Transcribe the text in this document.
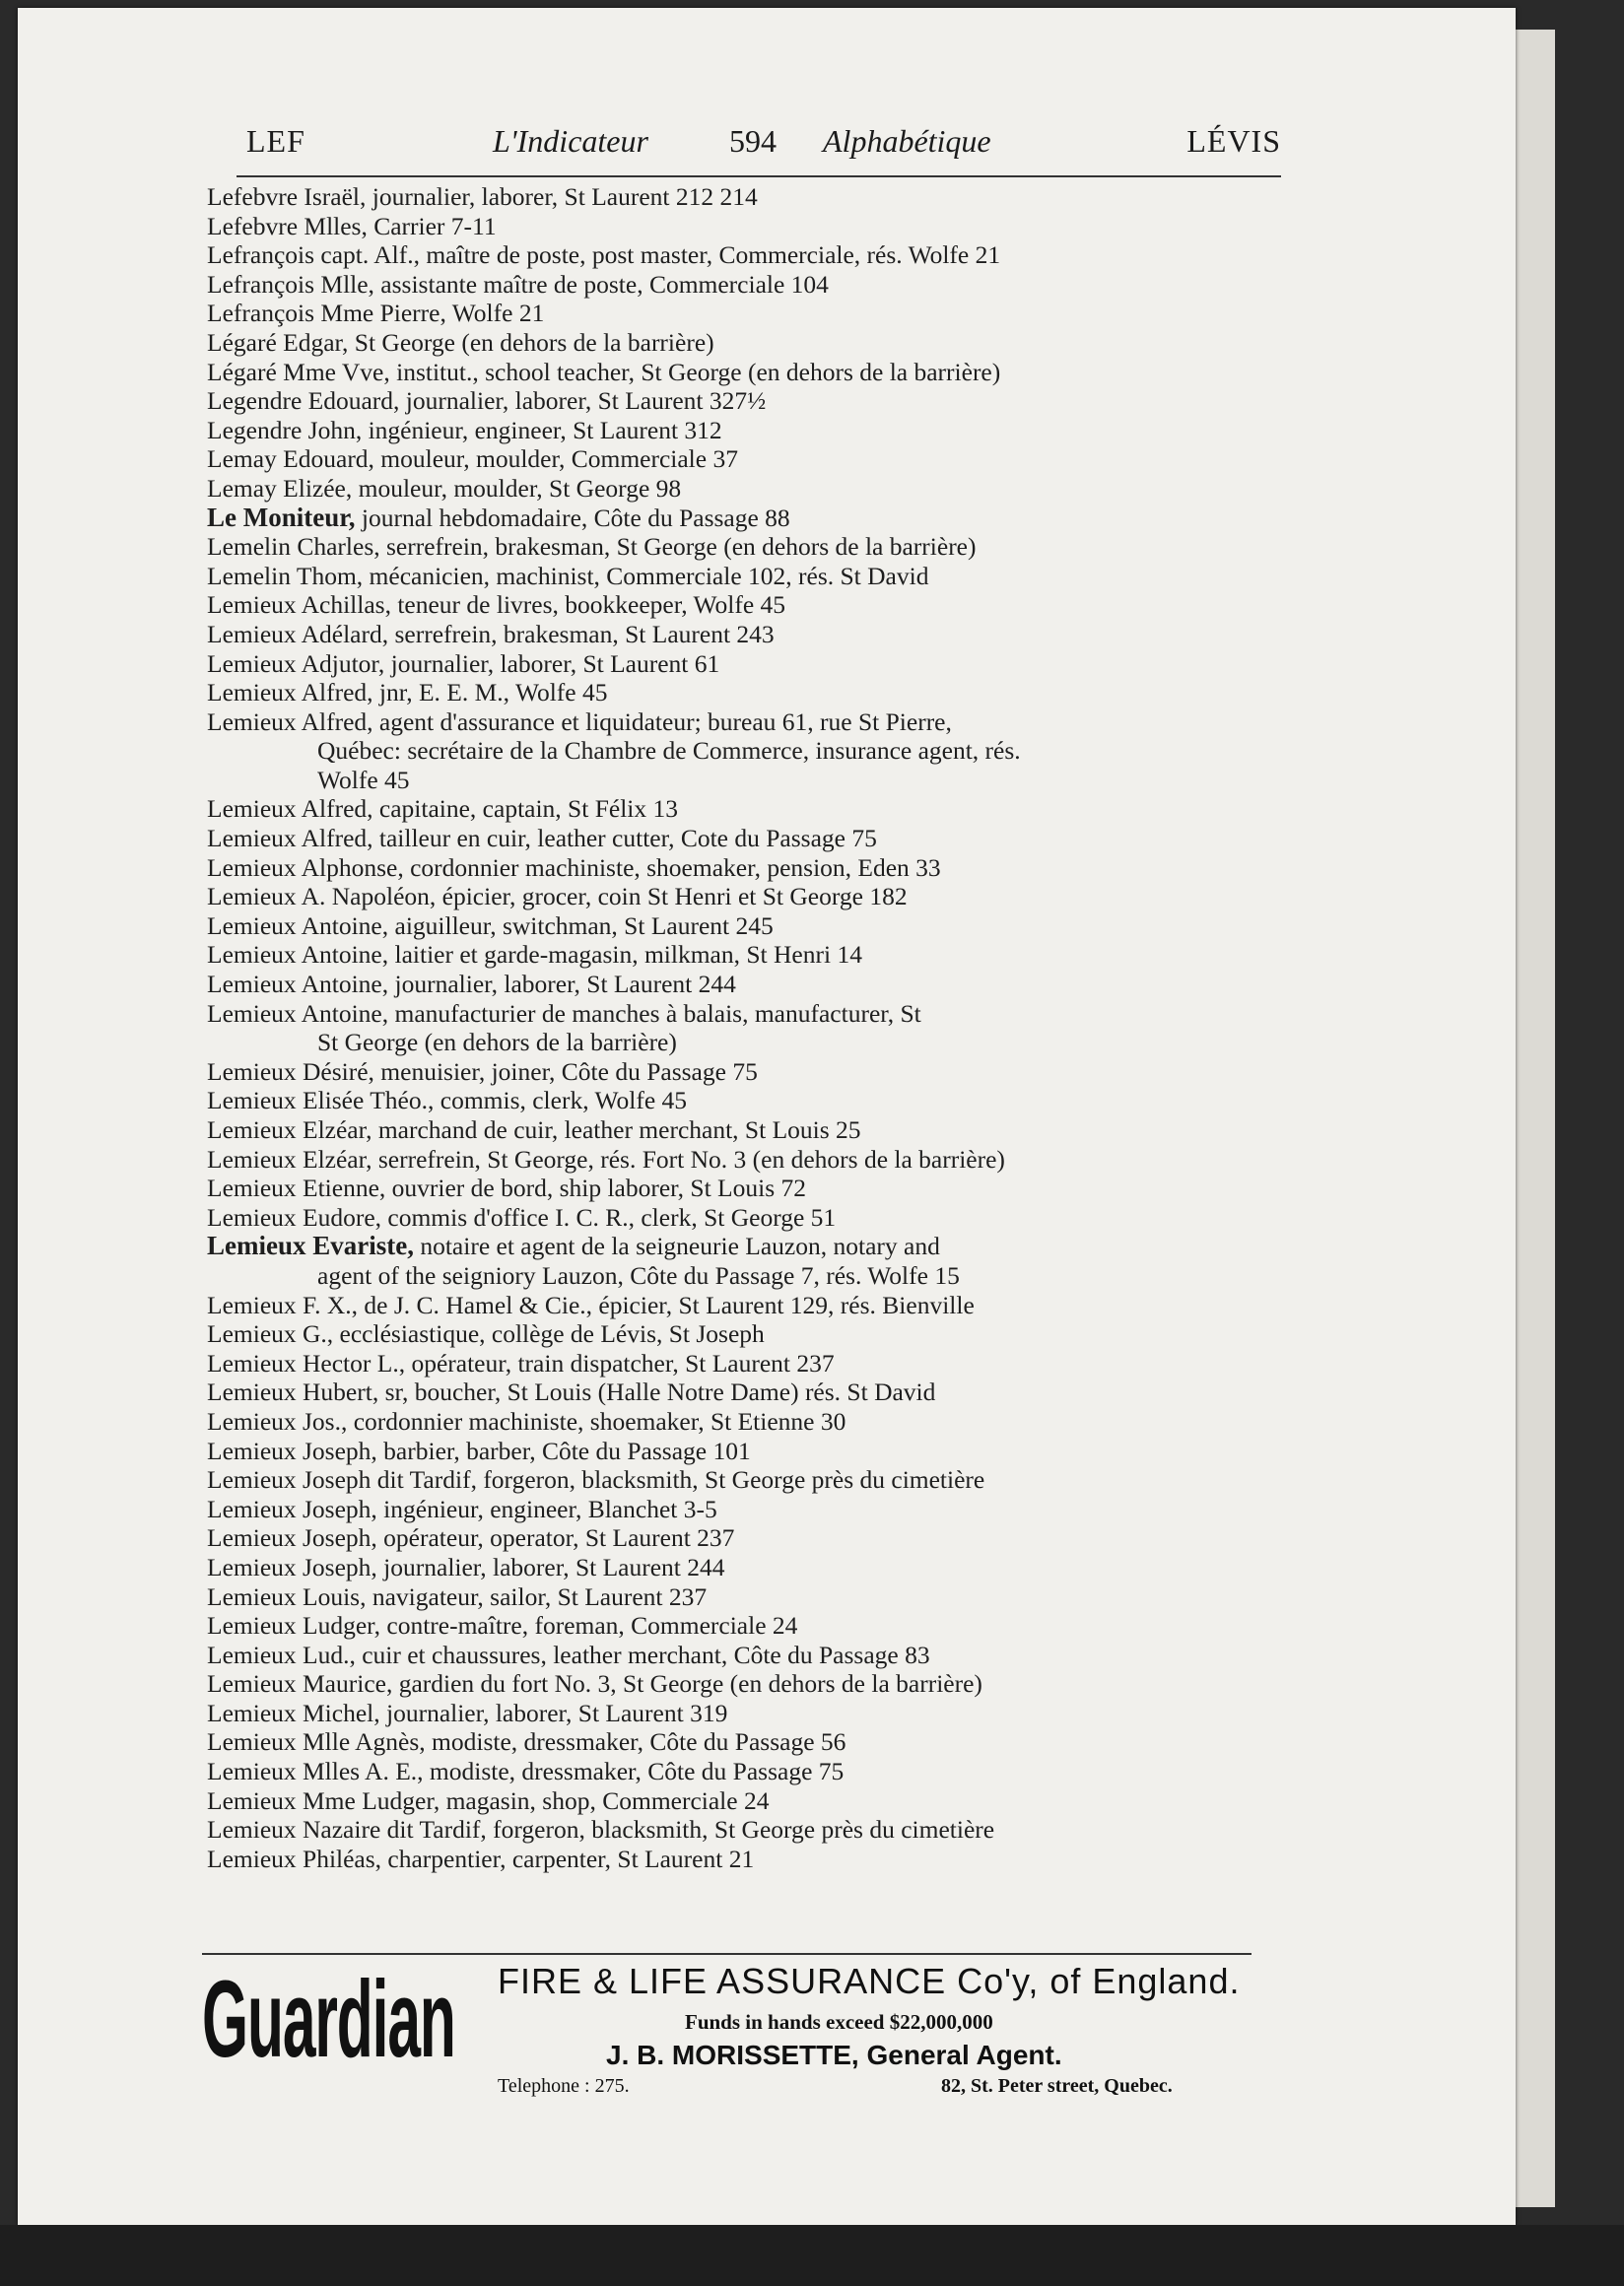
LEF	L'Indicateur	594 Alphabétique	LÉVIS

Lefebvre Israël, journalier, laborer, St Laurent 212 214

Lefebvre Mlles, Carrier 7-11

Lefrançois capt. Alf., maître de poste, post master, Commerciale, rés. Wolfe 21

Lefrançois Mlle, assistante maître de poste, Commerciale 104

Lefrançois Mme Pierre, Wolfe 21

Légaré Edgar, St George (en dehors de la barrière)

Légaré Mme Vve, institut., school teacher, St George (en dehors de la barrière)

Legendre Edouard, journalier, laborer, St Laurent 327½

Legendre John, ingénieur, engineer, St Laurent 312

Lemay Edouard, mouleur, moulder, Commerciale 37

Lemay Elizée, mouleur, moulder, St George 98

Le Moniteur, journal hebdomadaire, Côte du Passage 88

Lemelin Charles, serrefrein, brakesman, St George (en dehors de la barrière)

Lemelin Thom, mécanicien, machinist, Commerciale 102, rés. St David

Lemieux Achillas, teneur de livres, bookkeeper, Wolfe 45

Lemieux Adélard, serrefrein, brakesman, St Laurent 243

Lemieux Adjutor, journalier, laborer, St Laurent 61

Lemieux Alfred, jnr, E. E. M., Wolfe 45

Lemieux Alfred, agent d'assurance et liquidateur; bureau 61, rue St Pierre,

Québec: secrétaire de la Chambre de Commerce, insurance agent, rés.

Wolfe 45

Lemieux Alfred, capitaine, captain, St Félix 13

Lemieux Alfred, tailleur en cuir, leather cutter, Cote du Passage 75

Lemieux Alphonse, cordonnier machiniste, shoemaker, pension, Eden 33

Lemieux A. Napoléon, épicier, grocer, coin St Henri et St George 182

Lemieux Antoine, aiguilleur, switchman, St Laurent 245

Lemieux Antoine, laitier et garde-magasin, milkman, St Henri 14

Lemieux Antoine, journalier, laborer, St Laurent 244

Lemieux Antoine, manufacturier de manches à balais, manufacturer, St

St George (en dehors de la barrière)

Lemieux Désiré, menuisier, joiner, Côte du Passage 75

Lemieux Elisée Théo., commis, clerk, Wolfe 45

Lemieux Elzéar, marchand de cuir, leather merchant, St Louis 25

Lemieux Elzéar, serrefrein, St George, rés. Fort No. 3 (en dehors de la barrière)

Lemieux Etienne, ouvrier de bord, ship laborer, St Louis 72

Lemieux Eudore, commis d'office I. C. R., clerk, St George 51

Lemieux Evariste, notaire et agent de la seigneurie Lauzon, notary and

agent of the seigniory Lauzon, Côte du Passage 7, rés. Wolfe 15

Lemieux F. X., de J. C. Hamel & Cie., épicier, St Laurent 129, rés. Bienville

Lemieux G., ecclésiastique, collège de Lévis, St Joseph

Lemieux Hector L., opérateur, train dispatcher, St Laurent 237

Lemieux Hubert, sr, boucher, St Louis (Halle Notre Dame) rés. St David

Lemieux Jos., cordonnier machiniste, shoemaker, St Etienne 30

Lemieux Joseph, barbier, barber, Côte du Passage 101

Lemieux Joseph dit Tardif, forgeron, blacksmith, St George près du cimetière

Lemieux Joseph, ingénieur, engineer, Blanchet 3-5

Lemieux Joseph, opérateur, operator, St Laurent 237

Lemieux Joseph, journalier, laborer, St Laurent 244

Lemieux Louis, navigateur, sailor, St Laurent 237

Lemieux Ludger, contre-maître, foreman, Commerciale 24

Lemieux Lud., cuir et chaussures, leather merchant, Côte du Passage 83

Lemieux Maurice, gardien du fort No. 3, St George (en dehors de la barrière)

Lemieux Michel, journalier, laborer, St Laurent 319

Lemieux Mlle Agnès, modiste, dressmaker, Côte du Passage 56

Lemieux Mlles A. E., modiste, dressmaker, Côte du Passage 75

Lemieux Mme Ludger, magasin, shop, Commerciale 24

Lemieux Nazaire dit Tardif, forgeron, blacksmith, St George près du cimetière

Lemieux Philéas, charpentier, carpenter, St Laurent 21

Guardian FIRE & LIFE ASSURANCE Co'y, of England.
Funds in hands exceed $22,000,000
J. B. MORISSETTE, General Agent.
Telephone : 275.	82, St. Peter street, Quebec.
